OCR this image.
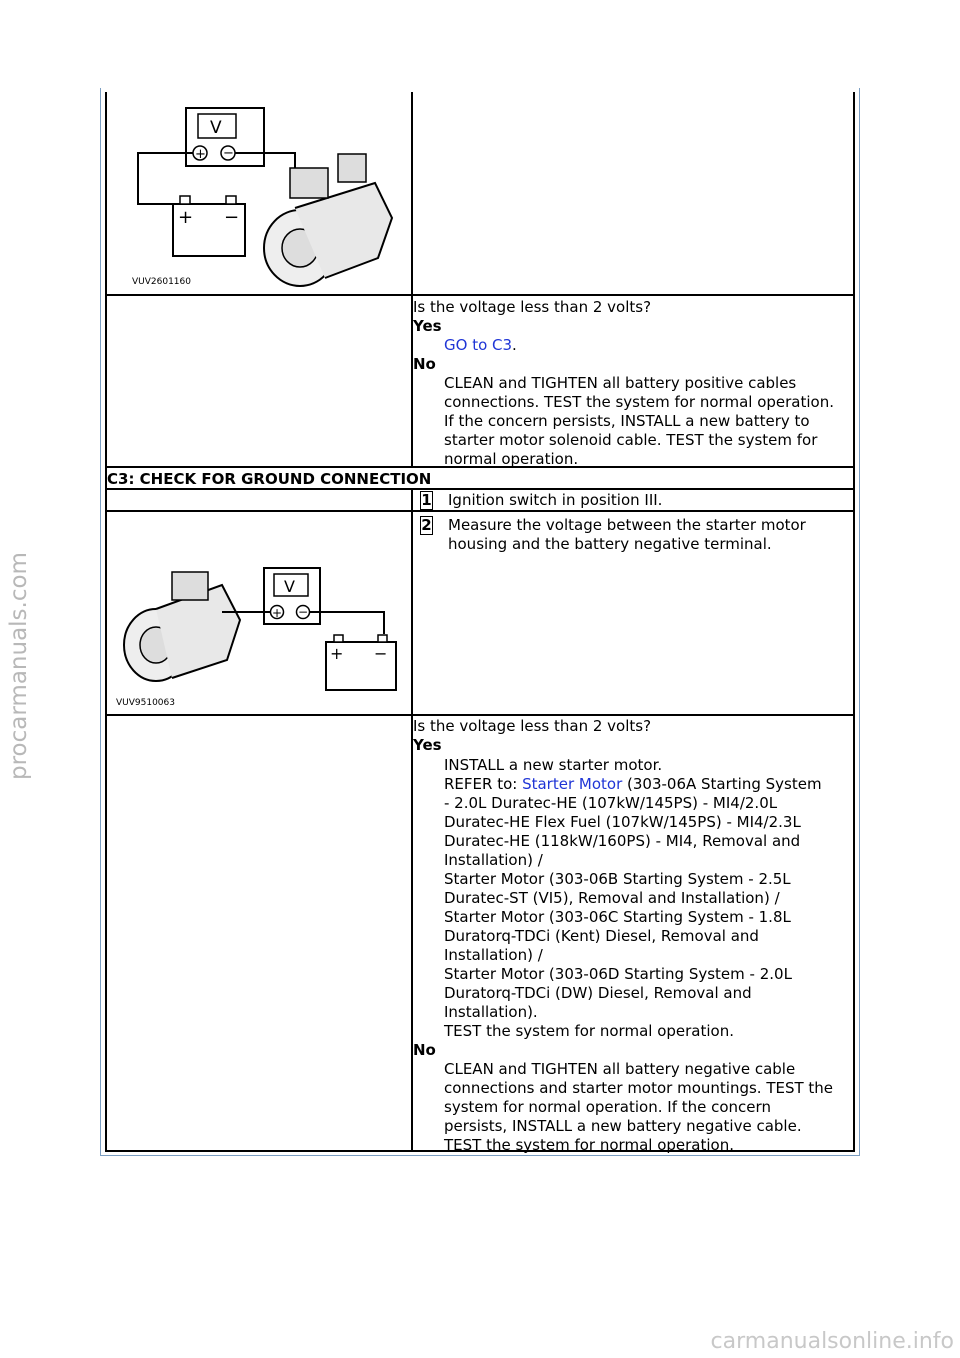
V
+ −
+ −
VUV2601160
Is the voltage less than 2 volts?
Yes
GO to C3.
No
CLEAN and TIGHTEN all battery positive cables
connections. TEST the system for normal operation.
If the concern persists, INSTALL a new battery to
starter motor solenoid cable. TEST the system for
normal operation.
C3: CHECK FOR GROUND CONNECTION
1 Ignition switch in position III.
2 Measure the voltage between the starter motor
housing and the battery negative terminal.
V
+ −
+ −
VUV9510063
Is the voltage less than 2 volts?
Yes
INSTALL a new starter motor.
REFER to: Starter Motor (303-06A Starting System
- 2.0L Duratec-HE (107kW/145PS) - MI4/2.0L
Duratec-HE Flex Fuel (107kW/145PS) - MI4/2.3L
Duratec-HE (118kW/160PS) - MI4, Removal and
Installation) /
Starter Motor (303-06B Starting System - 2.5L
Duratec-ST (VI5), Removal and Installation) /
Starter Motor (303-06C Starting System - 1.8L
Duratorq-TDCi (Kent) Diesel, Removal and
Installation) /
Starter Motor (303-06D Starting System - 2.0L
Duratorq-TDCi (DW) Diesel, Removal and
Installation).
TEST the system for normal operation.
No
CLEAN and TIGHTEN all battery negative cable
connections and starter motor mountings. TEST the
system for normal operation. If the concern
persists, INSTALL a new battery negative cable.
TEST the system for normal operation.
procarmanuals.com
carmanualsonline.info
